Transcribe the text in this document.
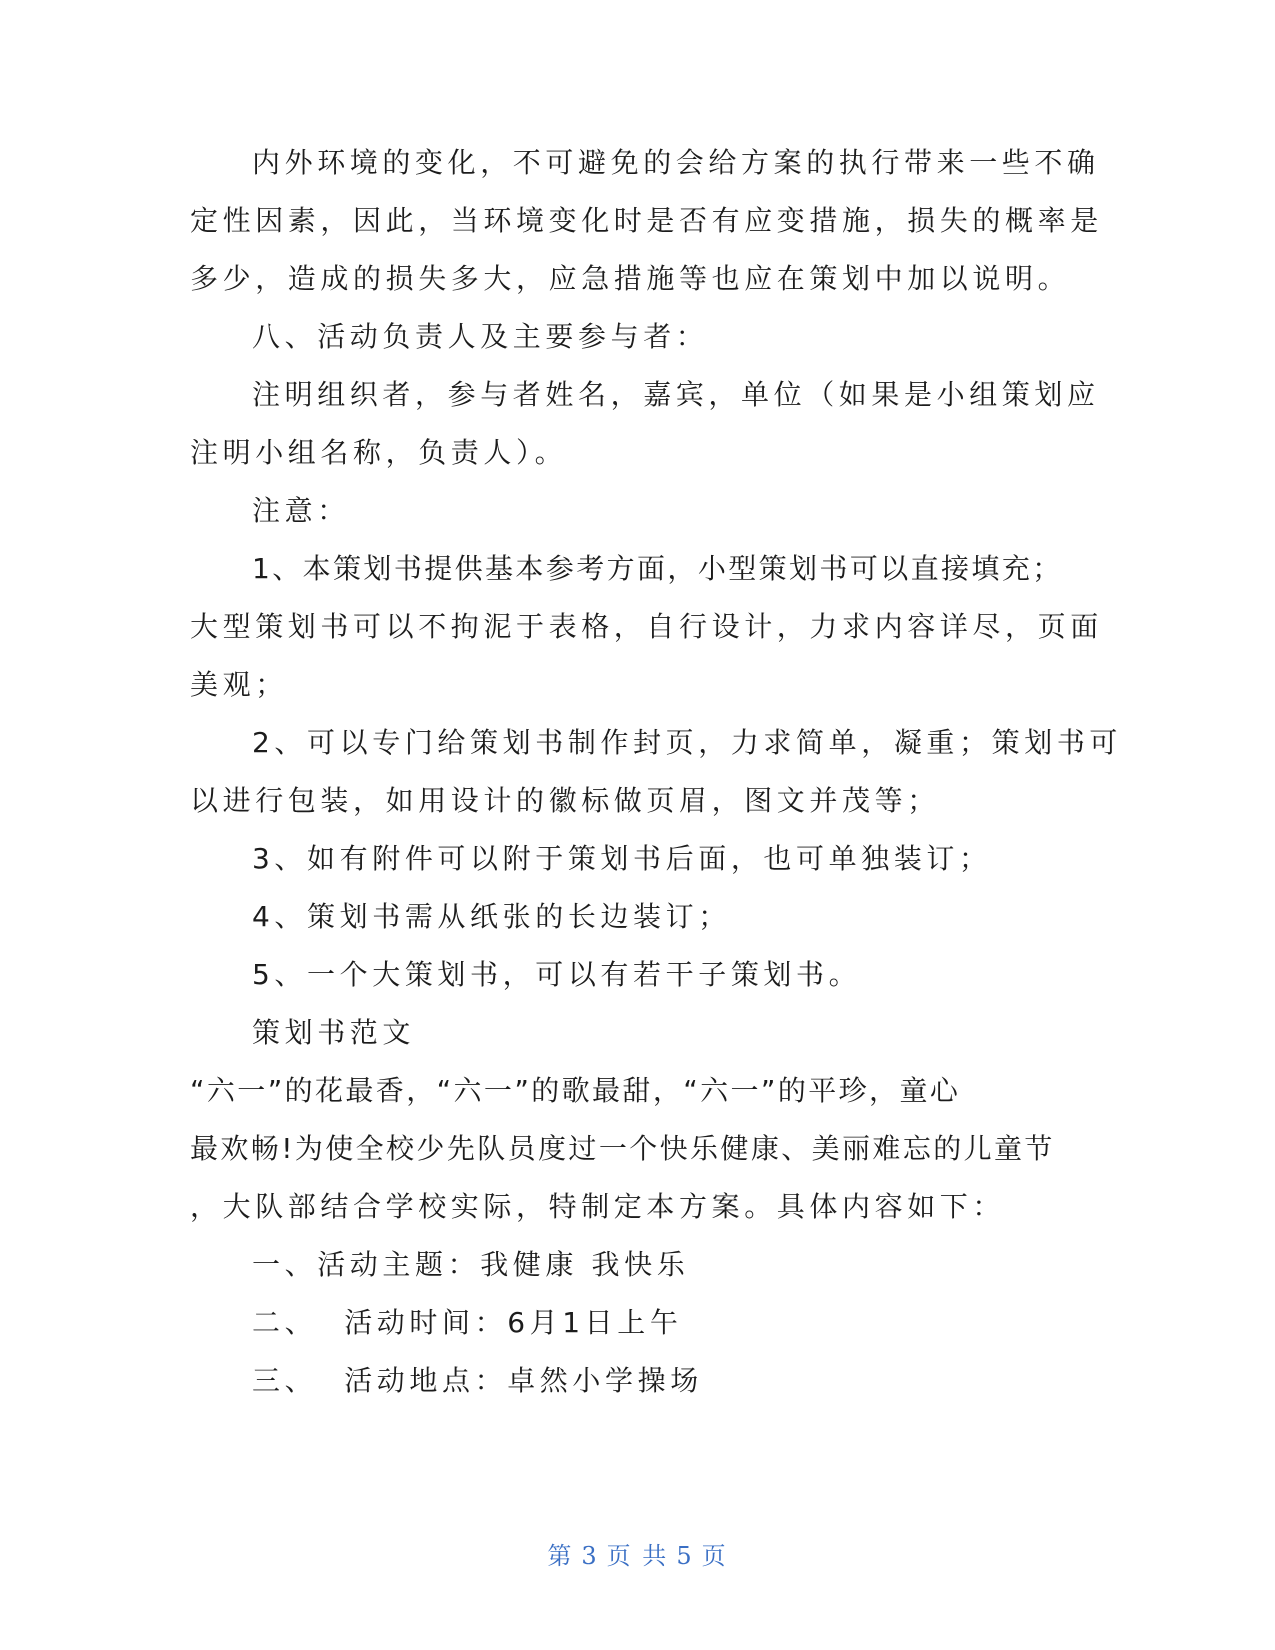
内外环境的变化，不可避免的会给方案的执行带来一些不确
定性因素，因此，当环境变化时是否有应变措施，损失的概率是
多少，造成的损失多大，应急措施等也应在策划中加以说明。
八、活动负责人及主要参与者：
注明组织者，参与者姓名，嘉宾，单位（如果是小组策划应
注明小组名称，负责人）。
注意：
1、本策划书提供基本参考方面，小型策划书可以直接填充；
大型策划书可以不拘泥于表格，自行设计，力求内容详尽，页面
美观；
2、可以专门给策划书制作封页，力求简单，凝重；策划书可
以进行包装，如用设计的徽标做页眉，图文并茂等；
3、如有附件可以附于策划书后面，也可单独装订；
4、策划书需从纸张的长边装订；
5、一个大策划书，可以有若干子策划书。
策划书范文
“六一”的花最香，“六一”的歌最甜，“六一”的平珍，童心
最欢畅!为使全校少先队员度过一个快乐健康、美丽难忘的儿童节
，大队部结合学校实际，特制定本方案。具体内容如下：
一、活动主题：我健康 我快乐
二、  活动时间：6月1日上午
三、  活动地点：卓然小学操场
第 3 页 共 5 页
